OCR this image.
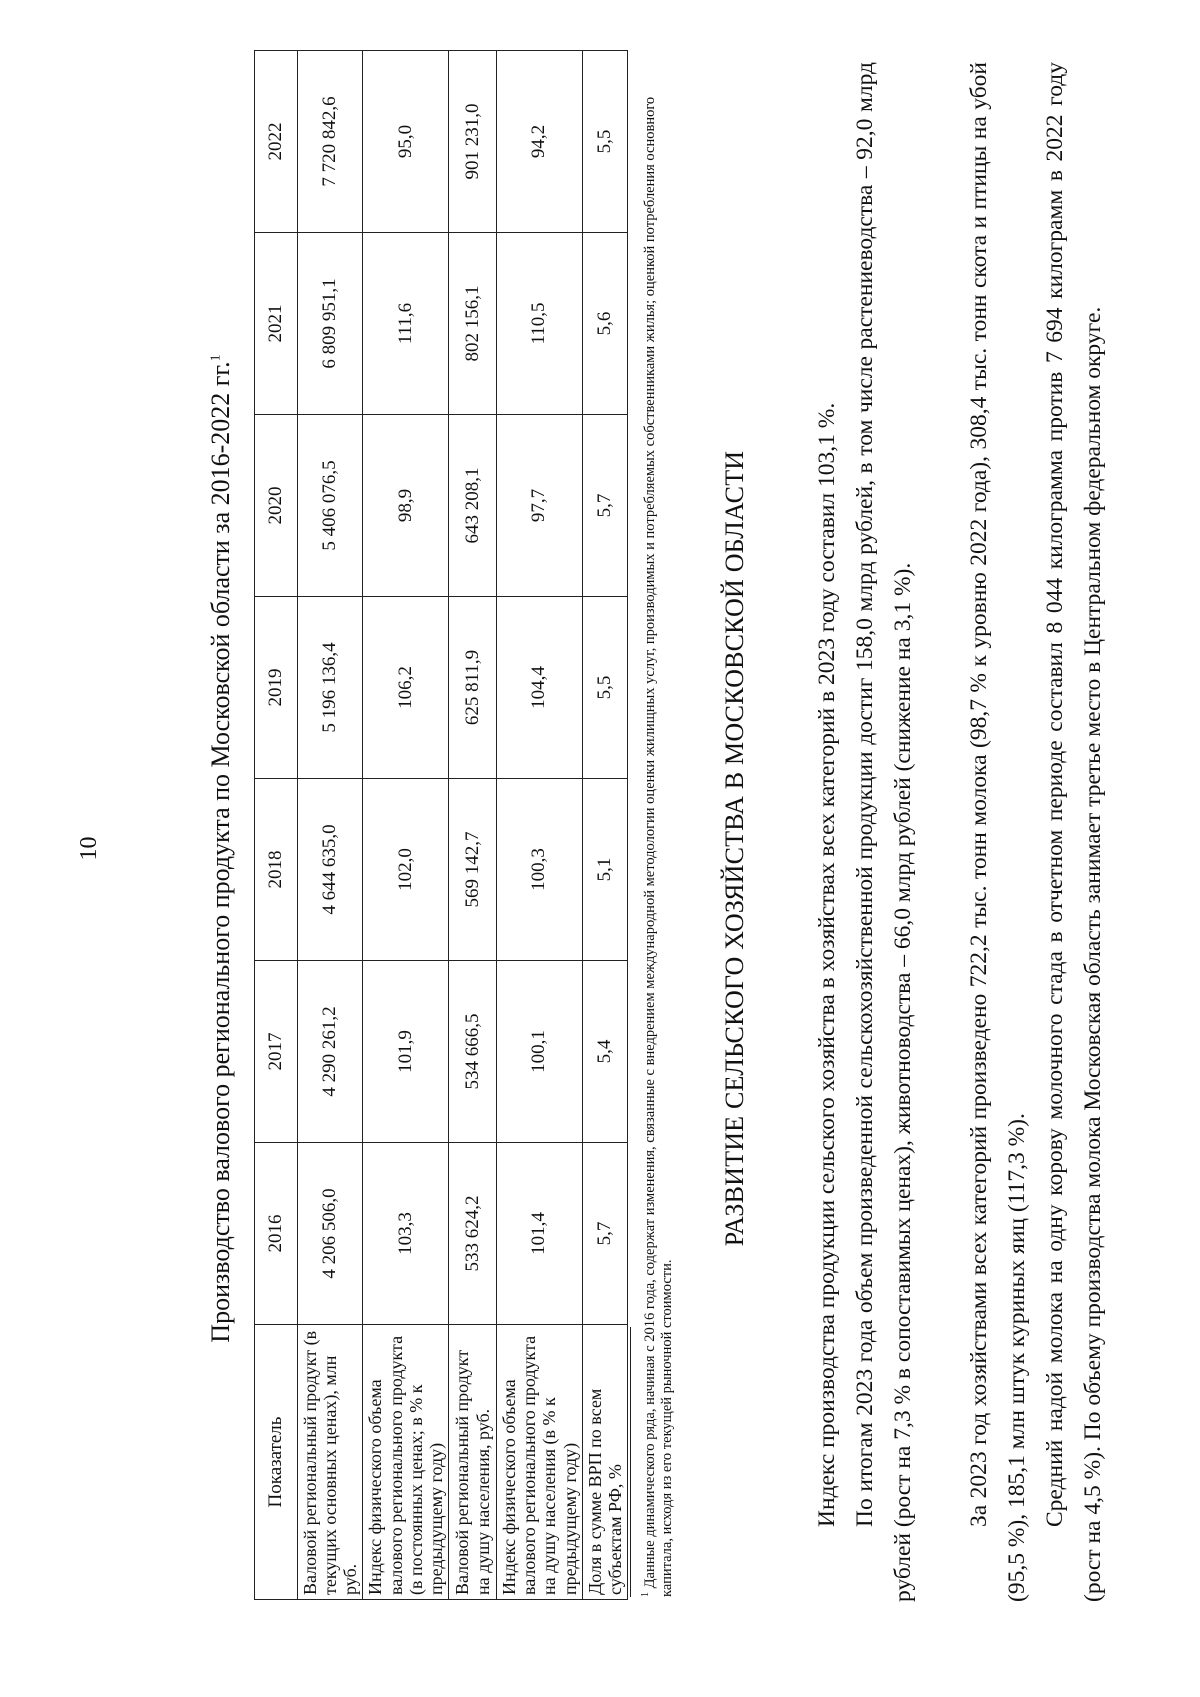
10	Производство валового регионального продукта по Московской области за 2016-2022 гг.$^1$
Показатель	2016	2017	2018	2019	2020	2021	2022
Валовой региональный продукт (в текущих основных ценах), млн руб.	4 206 506,0	4 290 261,2	4 644 635,0	5 196 136,4	5 406 076,5	6 809 951,1	7 720 842,6
Индекс физического объема валового регионального продукта (в постоянных ценах; в % к предыдущему году)	103,3	101,9	102,0	106,2	98,9	111,6	95,0
Валовой региональный продукт на душу населения, руб.	533 624,2	534 666,5	569 142,7	625 811,9	643 208,1	802 156,1	901 231,0
Индекс физического объема валового регионального продукта на душу населения (в % к предыдущему году)	101,4	100,1	100,3	104,4	97,7	110,5	94,2
Доля в сумме ВРП по всем субъектам РФ, %	5,7	5,4	5,1	5,5	5,7	5,6	5,5
$^1$ Данные динамического ряда, начиная с 2016 года, содержат изменения, связанные с внедрением международной методологии оценки жилищных услуг, производимых и потребляемых собственниками жилья; оценкой потребления основного капитала, исходя из его текущей рыночной стоимости.
РАЗВИТИЕ СЕЛЬСКОГО ХОЗЯЙСТВА В МОСКОВСКОЙ ОБЛАСТИ	Индекс производства продукции сельского хозяйства в хозяйствах всех категорий в 2023 году составил 103,1 %. По итогам 2023 года объем произведенной сельскохозяйственной продукции достиг 158,0 млрд рублей, в том числе растениеводства – 92,0 млрд рублей (рост на 7,3 % в сопоставимых ценах), животноводства – 66,0 млрд рублей (снижение на 3,1 %). За 2023 год хозяйствами всех категорий произведено 722,2 тыс. тонн молока (98,7 % к уровню 2022 года), 308,4 тыс. тонн скота и птицы на убой (95,5 %), 185,1 млн штук куриных яиц (117,3 %). Средний надой молока на одну корову молочного стада в отчетном периоде составил 8 044 килограмма против 7 694 килограмм в 2022 году (рост на 4,5 %). По объему производства молока Московская область занимает третье место в Центральном федеральном округе.
